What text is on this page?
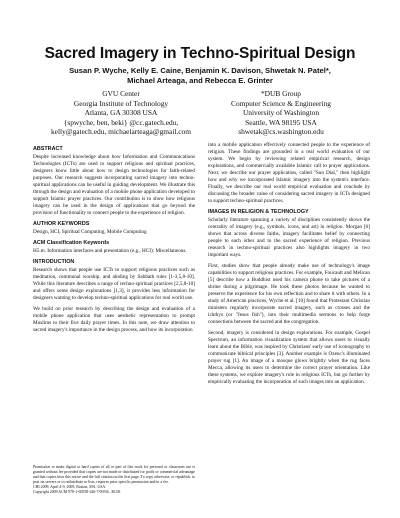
Sacred Imagery in Techno-Spiritual Design
Susan P. Wyche, Kelly E. Caine, Benjamin K. Davison, Shwetak N. Patel*,
Michael Arteaga, and Rebecca E. Grinter
GVU Center
Georgia Institute of Technology
Atlanta, GA 30308 USA
{spwyche, ben, beki} @cc.gatech.edu,
kelly@gatech.edu, michaelarteaga@gmail.com
*DUB Group
Computer Science & Engineering
University of Washington
Seattle, WA 98195 USA
shwetak@cs.washington.edu
ABSTRACT

Despite increased knowledge about how Information and Communications Technologies (ICTs) are used to support religious and spiritual practices, designers know little about how to design technologies for faith-related purposes. Our research suggests incorporating sacred imagery into techno-spiritual applications can be useful in guiding development. We illustrate this through the design and evaluation of a mobile phone application developed to support Islamic prayer practices. Our contribution is to show how religious imagery can be used in the design of applications that go beyond the provision of functionality to connect people to the experience of religion.

AUTHOR KEYWORDS

Design, HCI, Spiritual Computing, Mobile Computing

ACM Classification Keywords

H5.m. Information interfaces and presentation (e.g., HCI): Miscellaneous.

INTRODUCTION

Research shows that people use ICTs to support religious practices such as meditation, communal worship, and abiding by Sabbath rules [1-3,5,8-10]. While this literature describes a range of techno-spiritual practices [2,5,8-10] and offers some design explorations [1,3], it provides less information for designers wanting to develop techno-spiritual applications for real world use.

We build on prior research by describing the design and evaluation of a mobile phone application that uses aesthetic representation to prompt Muslims to their five daily prayer times. In this note, we draw attention to sacred imagery's importance in the design process, and how its incorporation

Permission to make digital or hard copies of all or part of this work for personal or classroom use is granted without fee provided that copies are not made or distributed for profit or commercial advantage and that copies bear this notice and the full citation on the first page. To copy otherwise, or republish, to post on servers or to redistribute to lists, requires prior specific permission and/or a fee.

CHI 2009, April 4-9, 2009, Boston, MA, USA.

Copyright 2009 ACM 978-1-60558-246-7/09/04...$5.00.

into a mobile application effectively connected people to the experience of religion. These findings are grounded in a real world evaluation of our system. We begin by reviewing related empirical research, design explorations, and commercially available Islamic call to prayer applications. Next, we describe our prayer application, called "Sun Dial," then highlight how and why we incorporated Islamic imagery into the system's interface. Finally, we describe our real world empirical evaluation and conclude by discussing the broader value of considering sacred imagery in ICTs designed to support techno-spiritual practices.

IMAGES IN RELIGION & TECHNOLOGY

Scholarly literature spanning a variety of disciplines consistently shows the centrality of imagery (e.g., symbols, icons, and art) in religion. Morgan [6] shows that across diverse faiths, imagery facilitates belief by connecting people to each other and to the sacred experience of religion. Previous research in techno-spiritual practices also highlights imagery in two important ways.

First, studies show that people already make use of technology's image capabilities to support religious practices. For example, Foucault and Melican [5] describe how a Buddhist used his camera phone to take pictures of a shrine during a pilgrimage. He took these photos because he wanted to preserve the experience for his own reflection and to share it with others. In a study of American practices, Wyche et al. [10] found that Protestant Christian ministers regularly incorporate sacred imagery, such as crosses and the ichthys (or "Jesus fish"), into their multimedia sermons to help forge connections between the sacred and the congregation.

Second, imagery is considered in design explorations. For example, Gospel Spectrum, an information visualization system that allows users to visually learn about the Bible, was inspired by Christians' early use of iconography to communicate biblical principles [3]. Another example is Ozenc's illuminated prayer rug [1]. An image of a mosque glows brightly when the rug faces Mecca, allowing its users to determine the correct prayer orientation. Like these systems, we explore imagery's role in religious ICTs, but go further by empirically evaluating the incorporation of such images into an application.
